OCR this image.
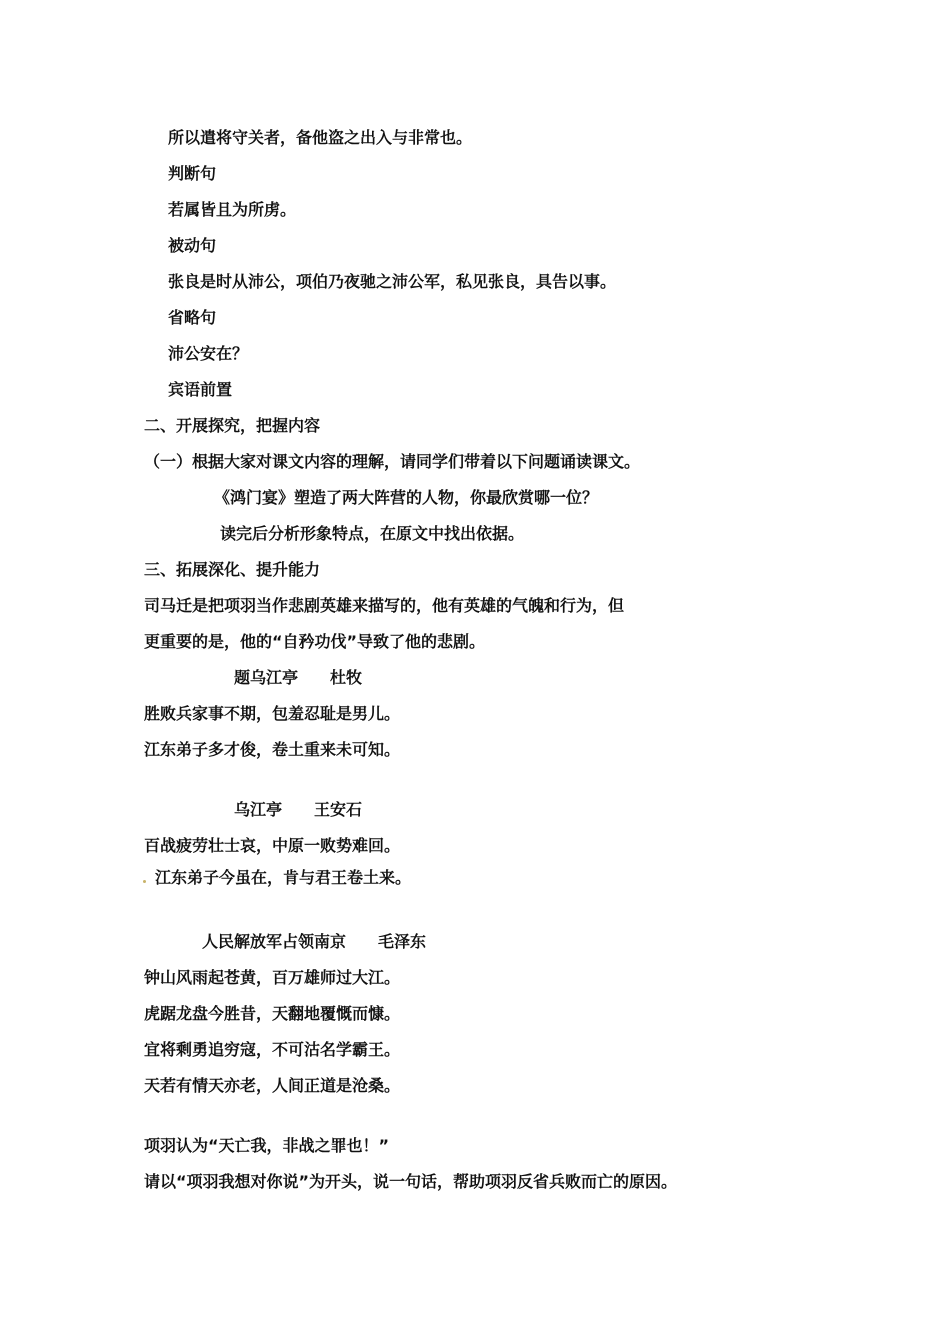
所以遣将守关者，备他盗之出入与非常也。
判断句
若属皆且为所虏。
被动句
张良是时从沛公，项伯乃夜驰之沛公军，私见张良，具告以事。
省略句
沛公安在？
宾语前置
二、开展探究，把握内容
（一）根据大家对课文内容的理解，请同学们带着以下问题诵读课文。
《鸿门宴》塑造了两大阵营的人物，你最欣赏哪一位？
读完后分析形象特点，在原文中找出依据。
三、拓展深化、提升能力
司马迁是把项羽当作悲剧英雄来描写的，他有英雄的气魄和行为，但
更重要的是，他的“自矜功伐”导致了他的悲剧。
题乌江亭　　杜牧
胜败兵家事不期，包羞忍耻是男儿。
江东弟子多才俊，卷土重来未可知。
乌江亭　　王安石
百战疲劳壮士哀，中原一败势难回。
江东弟子今虽在，肯与君王卷土来。
人民解放军占领南京　　毛泽东
钟山风雨起苍黄，百万雄师过大江。
虎踞龙盘今胜昔，天翻地覆慨而慷。
宜将剩勇追穷寇，不可沽名学霸王。
天若有情天亦老，人间正道是沧桑。
项羽认为“天亡我，非战之罪也！”
请以“项羽我想对你说”为开头，说一句话，帮助项羽反省兵败而亡的原因。
